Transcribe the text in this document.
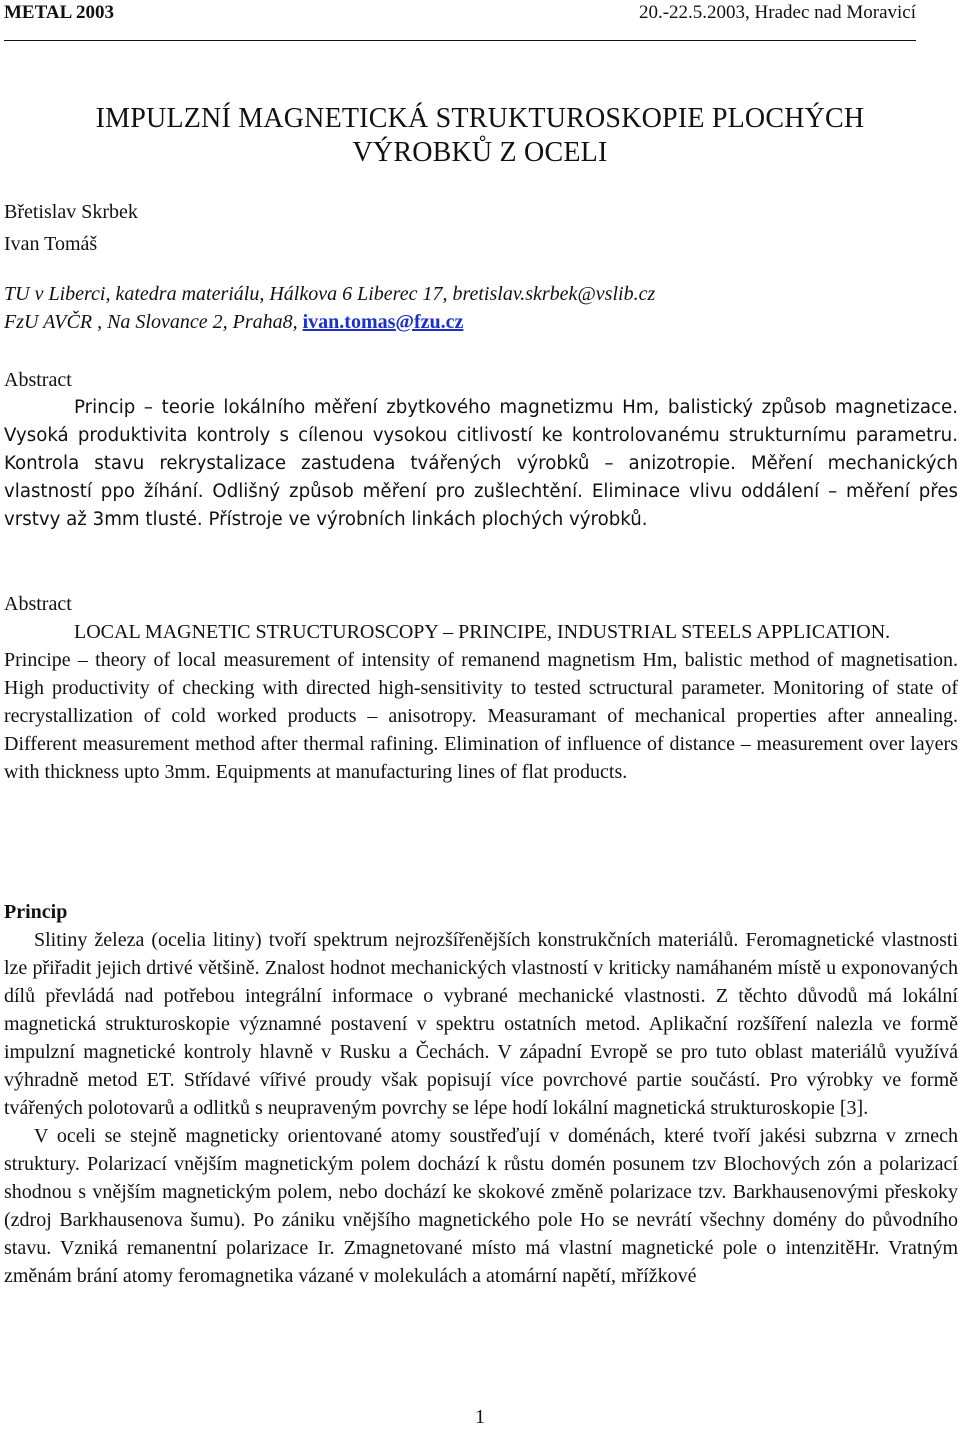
METAL 2003	20.-22.5.2003, Hradec nad Moravicí
IMPULZNÍ MAGNETICKÁ STRUKTUROSKOPIE PLOCHÝCH
VÝROBKŮ Z OCELI
Břetislav Skrbek
Ivan Tomáš
TU v Liberci, katedra materiálu, Hálkova 6 Liberec 17, bretislav.skrbek@vslib.cz
FzU AVČR , Na Slovance 2, Praha8, ivan.tomas@fzu.cz
Abstract

Princip – teorie lokálního měření zbytkového magnetizmu Hm, balistický způsob magnetizace. Vysoká produktivita kontroly s cílenou vysokou citlivostí ke kontrolovanému strukturnímu parametru. Kontrola stavu rekrystalizace zastudena tvářených výrobků – anizotropie. Měření mechanických vlastností ppo žíhání. Odlišný způsob měření pro zušlechtění. Eliminace vlivu oddálení – měření přes vrstvy až 3mm tlusté. Přístroje ve výrobních linkách plochých výrobků.

Abstract

LOCAL MAGNETIC STRUCTUROSCOPY – PRINCIPE, INDUSTRIAL STEELS APPLICATION.

Principe – theory of local measurement of intensity of remanend magnetism Hm, balistic method of magnetisation. High productivity of checking with directed high-sensitivity to tested sctructural parameter. Monitoring of state of recrystallization of cold worked products – anisotropy. Measuramant of mechanical properties after annealing. Different measurement method after thermal rafining. Elimination of influence of distance – measurement over layers with thickness upto 3mm. Equipments at manufacturing lines of flat products.

Princip

Slitiny železa (ocelia litiny) tvoří spektrum nejrozšířenějších konstrukčních materiálů. Feromagnetické vlastnosti lze přiřadit jejich drtivé většině. Znalost hodnot mechanických vlastností v kriticky namáhaném místě u exponovaných dílů převládá nad potřebou integrální informace o vybrané mechanické vlastnosti. Z těchto důvodů má lokální magnetická strukturoskopie významné postavení v spektru ostatních metod. Aplikační rozšíření nalezla ve formě impulzní magnetické kontroly hlavně v Rusku a Čechách. V západní Evropě se pro tuto oblast materiálů využívá výhradně metod ET. Střídavé vířivé proudy však popisují více povrchové partie součástí. Pro výrobky ve formě tvářených polotovarů a odlitků s neupraveným povrchy se lépe hodí lokální magnetická strukturoskopie [3].

V oceli se stejně magneticky orientované atomy soustřeďují v doménách, které tvoří jakési subzrna v zrnech struktury. Polarizací vnějším magnetickým polem dochází k růstu domén posunem tzv Blochových zón a polarizací shodnou s vnějším magnetickým polem, nebo dochází ke skokové změně polarizace tzv. Barkhausenovými přeskoky (zdroj Barkhausenova šumu). Po zániku vnějšího magnetického pole Ho se nevrátí všechny domény do původního stavu. Vzniká remanentní polarizace Ir. Zmagnetované místo má vlastní magnetické pole o intenzitěHr. Vratným změnám brání atomy feromagnetika vázané v molekulách a atomární napětí, mřížkové

1
